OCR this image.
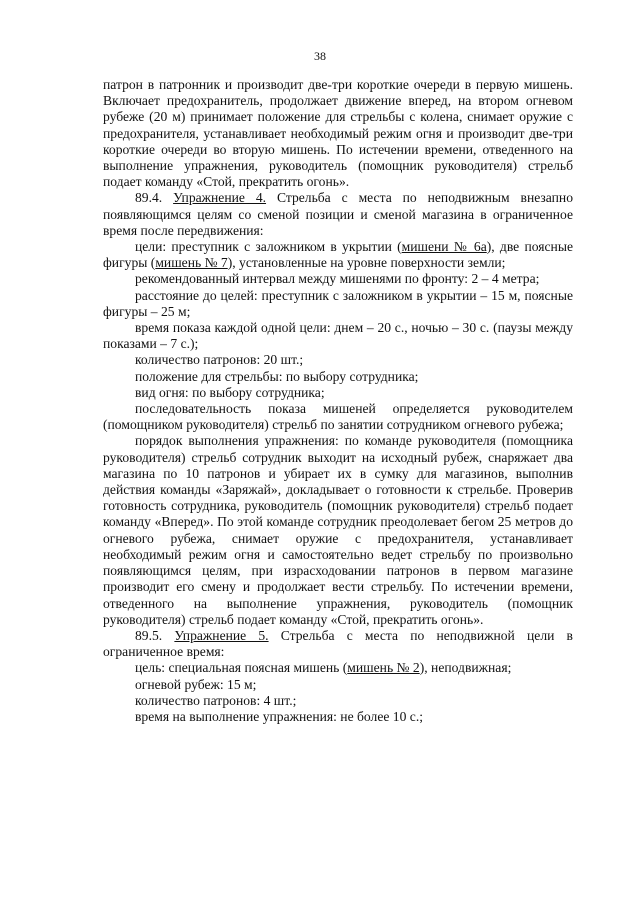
38

патрон в патронник и производит две-три короткие очереди в первую мишень. Включает предохранитель, продолжает движение вперед, на втором огневом рубеже (20 м) принимает положение для стрельбы с колена, снимает оружие с предохранителя, устанавливает необходимый режим огня и производит две-три короткие очереди во вторую мишень. По истечении времени, отведенного на выполнение упражнения, руководитель (помощник руководителя) стрельб подает команду «Стой, прекратить огонь».

89.4. Упражнение 4. Стрельба с места по неподвижным внезапно появляющимся целям со сменой позиции и сменой магазина в ограниченное время после передвижения:

цели: преступник с заложником в укрытии (мишени № 6а), две поясные фигуры (мишень № 7), установленные на уровне поверхности земли;

рекомендованный интервал между мишенями по фронту: 2 – 4 метра;

расстояние до целей: преступник с заложником в укрытии – 15 м, поясные фигуры – 25 м;

время показа каждой одной цели: днем – 20 с., ночью – 30 с. (паузы между показами – 7 с.);

количество патронов: 20 шт.;

положение для стрельбы: по выбору сотрудника;

вид огня: по выбору сотрудника;

последовательность показа мишеней определяется руководителем (помощником руководителя) стрельб по занятии сотрудником огневого рубежа;

порядок выполнения упражнения: по команде руководителя (помощника руководителя) стрельб сотрудник выходит на исходный рубеж, снаряжает два магазина по 10 патронов и убирает их в сумку для магазинов, выполнив действия команды «Заряжай», докладывает о готовности к стрельбе. Проверив готовность сотрудника, руководитель (помощник руководителя) стрельб подает команду «Вперед». По этой команде сотрудник преодолевает бегом 25 метров до огневого рубежа, снимает оружие с предохранителя, устанавливает необходимый режим огня и самостоятельно ведет стрельбу по произвольно появляющимся целям, при израсходовании патронов в первом магазине производит его смену и продолжает вести стрельбу. По истечении времени, отведенного на выполнение упражнения, руководитель (помощник руководителя) стрельб подает команду «Стой, прекратить огонь».

89.5. Упражнение 5. Стрельба с места по неподвижной цели в ограниченное время:

цель: специальная поясная мишень (мишень № 2), неподвижная;

огневой рубеж: 15 м;

количество патронов: 4 шт.;

время на выполнение упражнения: не более 10 с.;
